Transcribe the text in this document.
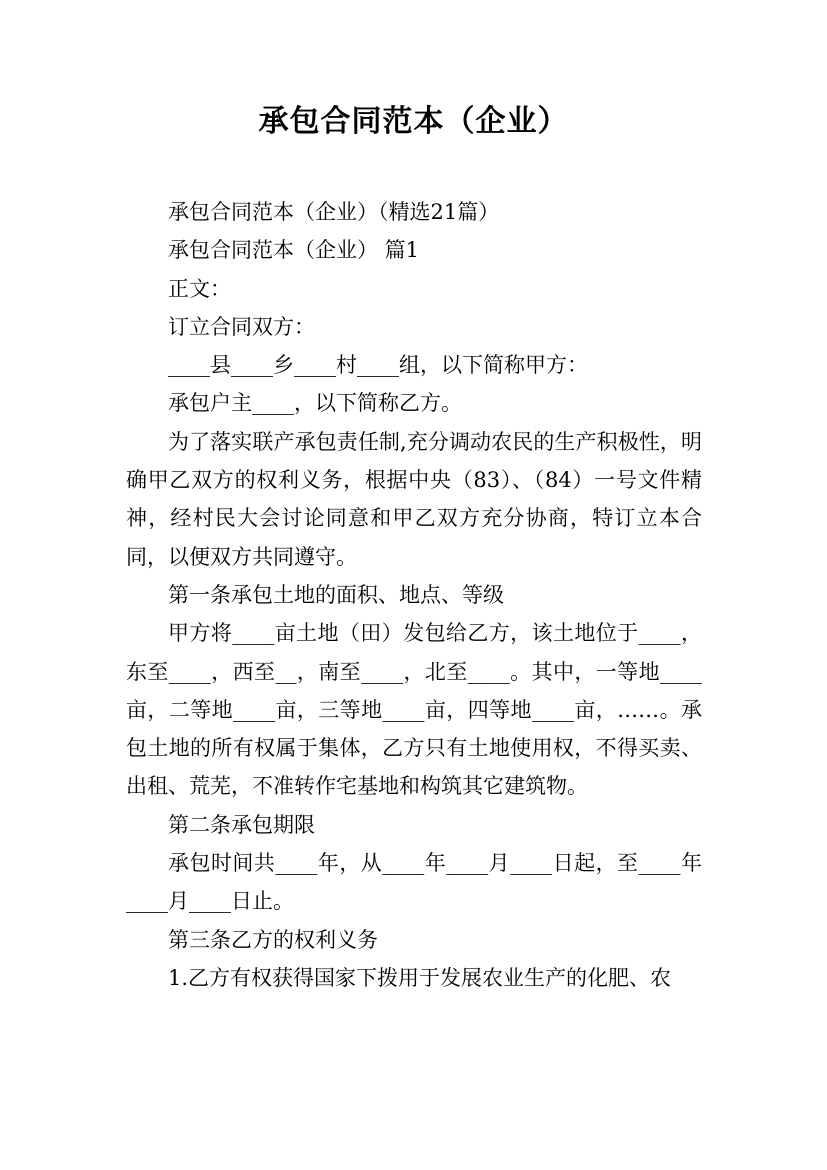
承包合同范本（企业）

承包合同范本（企业）（精选21篇）

承包合同范本（企业） 篇1

正文：

订立合同双方：

____县____乡____村____组，以下简称甲方：

承包户主____，以下简称乙方。

为了落实联产承包责任制,充分调动农民的生产积极性，明确甲乙双方的权利义务，根据中央（83）、（84）一号文件精神，经村民大会讨论同意和甲乙双方充分协商，特订立本合同，以便双方共同遵守。

第一条承包土地的面积、地点、等级

甲方将____亩土地（田）发包给乙方，该土地位于____，东至____，西至__，南至____，北至____。其中，一等地____亩，二等地____亩，三等地____亩，四等地____亩，……。承包土地的所有权属于集体，乙方只有土地使用权，不得买卖、出租、荒芜，不准转作宅基地和构筑其它建筑物。

第二条承包期限

承包时间共____年，从____年____月____日起，至____年____月____日止。

第三条乙方的权利义务

1.乙方有权获得国家下拨用于发展农业生产的化肥、农
